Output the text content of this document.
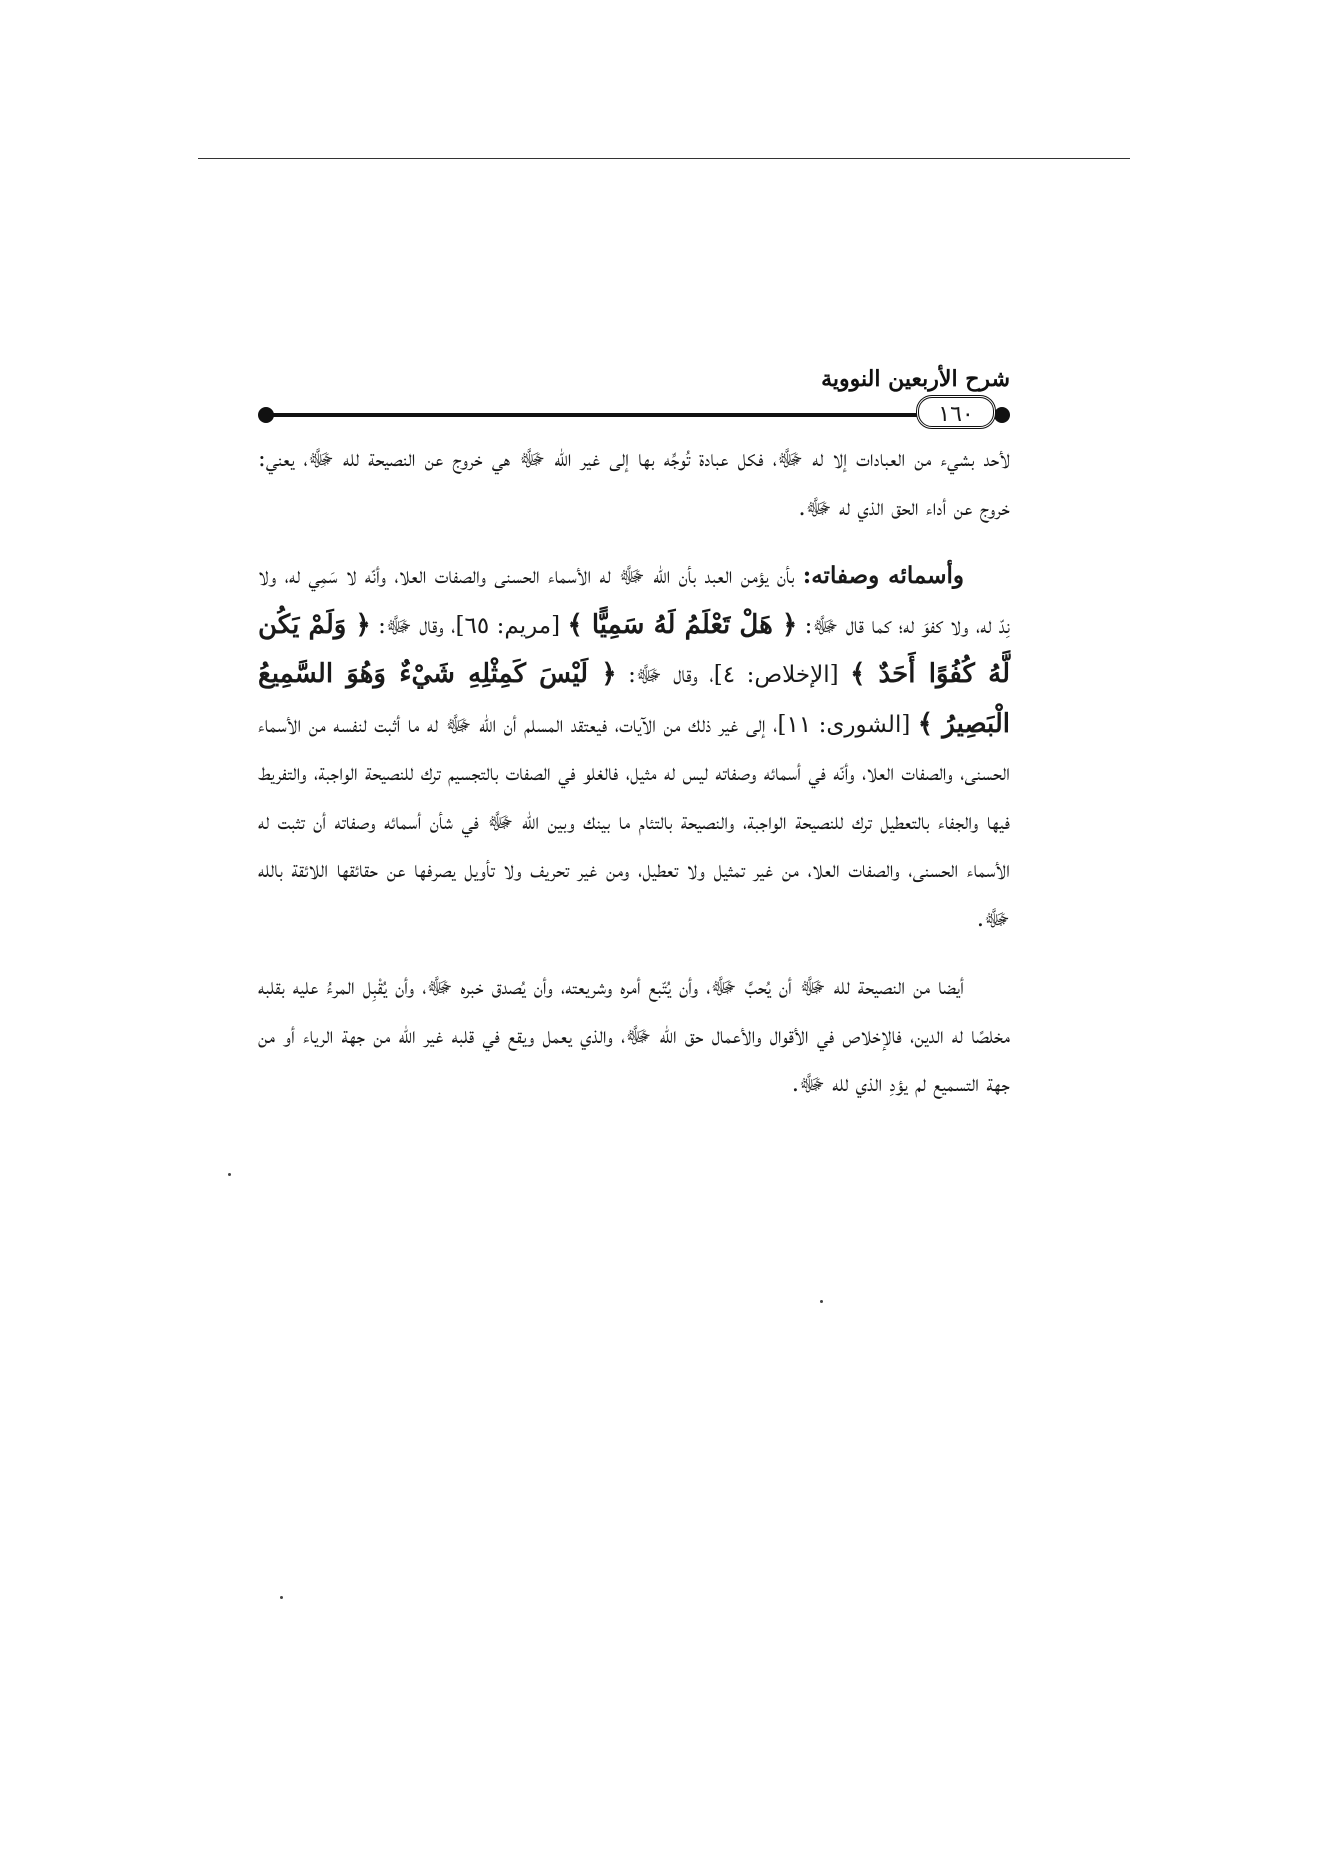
شرح الأربعين النووية
١٦٠

لأحد بشيء من العبادات إلا له ﷻ، فكل عبادة تُوجِّه بها إلى غير الله ﷻ هي خروج عن النصيحة لله ﷻ، يعني: خروج عن أداء الحق الذي له ﷻ.

  وأسمائه وصفاته: بأن يؤمن العبد بأن الله ﷻ له الأسماء الحسنى والصفات العلا، وأنّه لا سَمِي له، ولا نِدّ له، ولا كفوَ له؛ كما قال ﷻ: ﴿ هَلْ تَعْلَمُ لَهُ سَمِيًّا ﴾ [مريم: ٦٥]، وقال ﷻ: ﴿ وَلَمْ يَكُن لَّهُ كُفُوًا أَحَدٌ ﴾ [الإخلاص: ٤]، وقال ﷻ: ﴿ لَيْسَ كَمِثْلِهِ شَيْءٌ وَهُوَ السَّمِيعُ الْبَصِيرُ ﴾ [الشورى: ١١]، إلى غير ذلك من الآيات، فيعتقد المسلم أن الله ﷻ له ما أثبت لنفسه من الأسماء الحسنى، والصفات العلا، وأنّه في أسمائه وصفاته ليس له مثيل، فالغلو في الصفات بالتجسيم ترك للنصيحة الواجبة، والتفريط فيها والجفاء بالتعطيل ترك للنصيحة الواجبة، والنصيحة بالتئام ما بينك وبين الله ﷻ في شأن أسمائه وصفاته أن تثبت له الأسماء الحسنى، والصفات العلا، من غير تمثيل ولا تعطيل، ومن غير تحريف ولا تأويل يصرفها عن حقائقها اللائقة بالله ﷻ.

  أيضا من النصيحة لله ﷻ أن يُحبَّ ﷻ، وأن يُتّبع أمره وشريعته، وأن يُصدق خبره ﷻ، وأن يُقْبِل المرءُ عليه بقلبه مخلصًا له الدين، فالإخلاص في الأقوال والأعمال حق الله ﷻ، والذي يعمل ويقع في قلبه غير الله من جهة الرياء أو من جهة التسميع لم يؤدِ الذي لله ﷻ.
